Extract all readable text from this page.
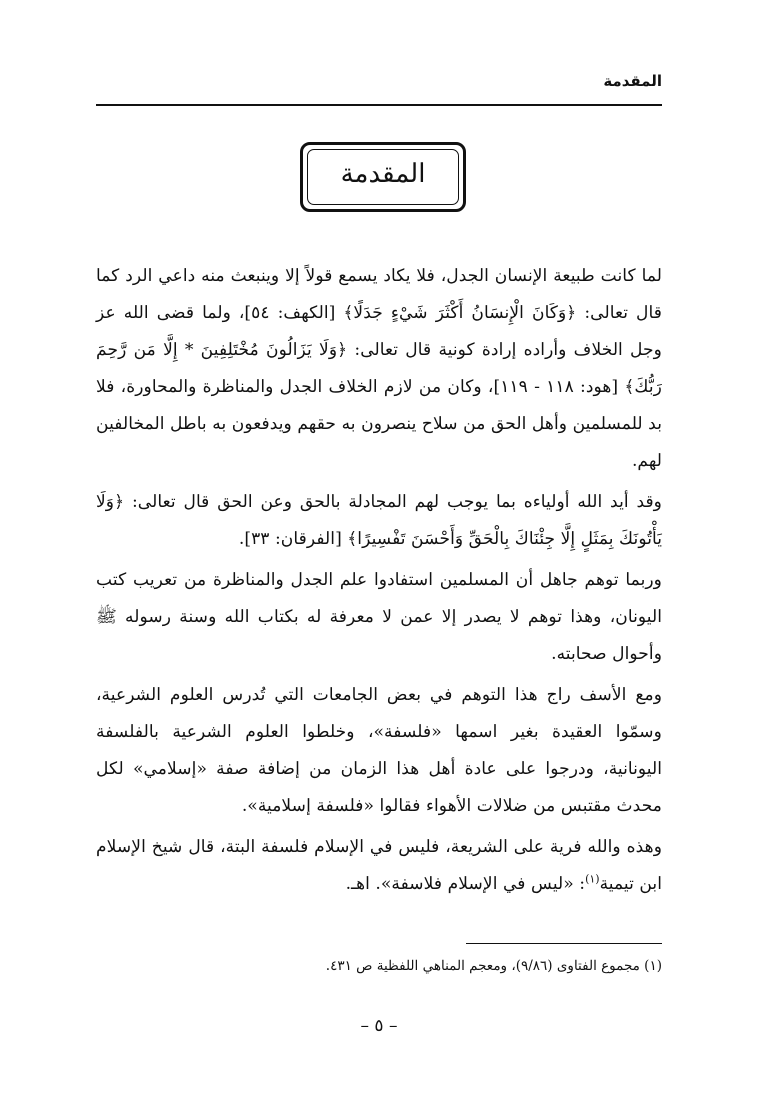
المقدمة
المقدمة

لما كانت طبيعة الإنسان الجدل، فلا يكاد يسمع قولاً إلا وينبعث منه داعي الرد كما قال تعالى: ﴿وَكَانَ الْإِنسَانُ أَكْثَرَ شَيْءٍ جَدَلًا﴾ [الكهف: ٥٤]، ولما قضى الله عز وجل الخلاف وأراده إرادة كونية قال تعالى: ﴿وَلَا يَزَالُونَ مُخْتَلِفِينَ * إِلَّا مَن رَّحِمَ رَبُّكَ﴾ [هود: ١١٨ - ١١٩]، وكان من لازم الخلاف الجدل والمناظرة والمحاورة، فلا بد للمسلمين وأهل الحق من سلاح ينصرون به حقهم ويدفعون به باطل المخالفين لهم.

وقد أيد الله أولياءه بما يوجب لهم المجادلة بالحق وعن الحق قال تعالى: ﴿وَلَا يَأْتُونَكَ بِمَثَلٍ إِلَّا جِئْنَاكَ بِالْحَقِّ وَأَحْسَنَ تَفْسِيرًا﴾ [الفرقان: ٣٣].

وربما توهم جاهل أن المسلمين استفادوا علم الجدل والمناظرة من تعريب كتب اليونان، وهذا توهم لا يصدر إلا عمن لا معرفة له بكتاب الله وسنة رسوله ﷺ وأحوال صحابته.

ومع الأسف راج هذا التوهم في بعض الجامعات التي تُدرس العلوم الشرعية، وسمّوا العقيدة بغير اسمها «فلسفة»، وخلطوا العلوم الشرعية بالفلسفة اليونانية، ودرجوا على عادة أهل هذا الزمان من إضافة صفة «إسلامي» لكل محدث مقتبس من ضلالات الأهواء فقالوا «فلسفة إسلامية».

وهذه والله فرية على الشريعة، فليس في الإسلام فلسفة البتة، قال شيخ الإسلام ابن تيمية$^{(١)}$: «ليس في الإسلام فلاسفة». اهـ.

(١) مجموع الفتاوى (٩/٨٦)، ومعجم المناهي اللفظية ص ٤٣١.
– ٥ –
